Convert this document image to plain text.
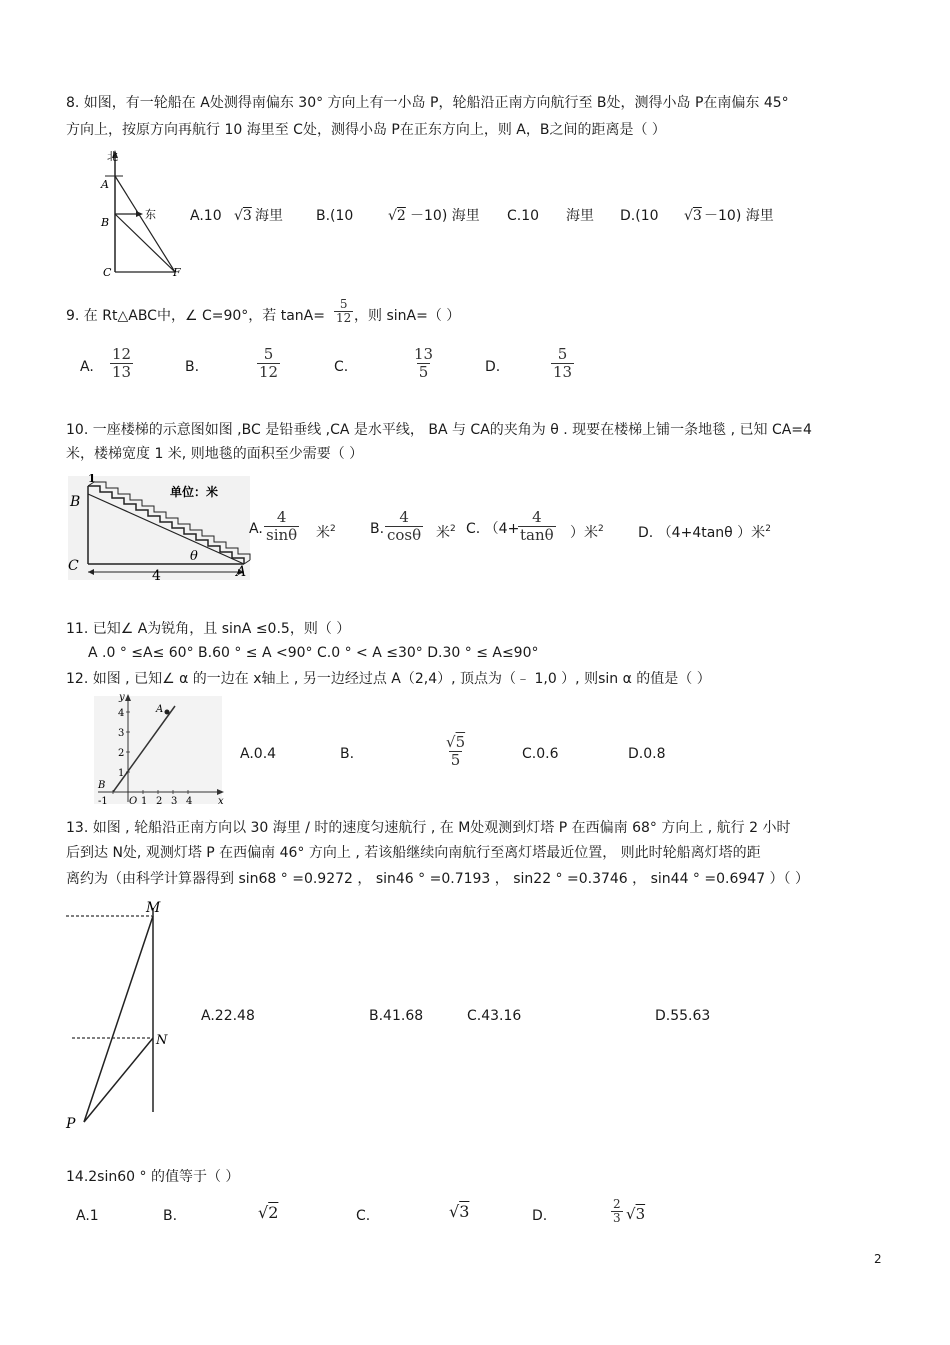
8. 如图，有一轮船在 A处测得南偏东 30° 方向上有一小岛 P，轮船沿正南方向航行至 B处，测得小岛 P在南偏东 45°
方向上，按原方向再航行 10 海里至 C处，测得小岛 P在正东方向上，则 A，B之间的距离是（ ）
北
A
B
东
C	F
A.10 √3 海里 B.(10 √2 －10) 海里 C.10 海里 D.(10 √3 －10) 海里
9. 在 Rt△ABC中，∠ C=90°，若 $\tan A= \frac{5}{12}$ ，则 sinA=（ ）
A. $\frac{12}{13}$	B.	$\frac{5}{12}$	C.	$\frac{13}{5}$	D.	$\frac{5}{13}$
10. 一座楼梯的示意图如图 ,BC 是铅垂线 ,CA 是水平线， BA 与 CA的夹角为 θ . 现要在楼梯上铺一条地毯 , 已知 CA=4
米，楼梯宽度 1 米, 则地毯的面积至少需要（ ）
1
单位：米
B
C	A
4
θ
A. $\frac{4}{\sin\theta}$ 米$^2$ B. $\frac{4}{\cos\theta}$ 米$^2$ C. （4+
$\frac{4}{\tan\theta}$ ）米$^2$ D. （4+4tanθ ）米$^2$
11. 已知∠ A为锐角，且 sinA ≤0.5，则（ ）
A .0 ° ≤A≤ 60° B.60 ° ≤ A <90° C.0 ° < A ≤30° D.30 ° ≤ A≤90°
12. 如图 , 已知∠ α 的一边在 x轴上 , 另一边经过点 A（2,4）, 顶点为（﹣ 1,0 ）, 则sin α 的值是（ ）
y
x
A
B
O
-1	1 2 3 4
1
2
3
4
A.0.4	B.	$\frac{√5}{5}$	C.0.6	D.0.8
13. 如图 , 轮船沿正南方向以 30 海里 / 时的速度匀速航行 , 在 M处观测到灯塔 P 在西偏南 68° 方向上 , 航行 2 小时
后到达 N处, 观测灯塔 P 在西偏南 46° 方向上 , 若该船继续向南航行至离灯塔最近位置， 则此时轮船离灯塔的距
离约为（由科学计算器得到 sin68 ° =0.9272 ， sin46 ° =0.7193 ， sin22 ° =0.3746 ， sin44 ° =0.6947 ）（ ）
M
N
P
A.22.48	B.41.68	C.43.16	D.55.63
14.2sin60 ° 的值等于（ ）
A.1	B.	√2	C.	√3	D.	$\frac{2}{3} √3$
2
